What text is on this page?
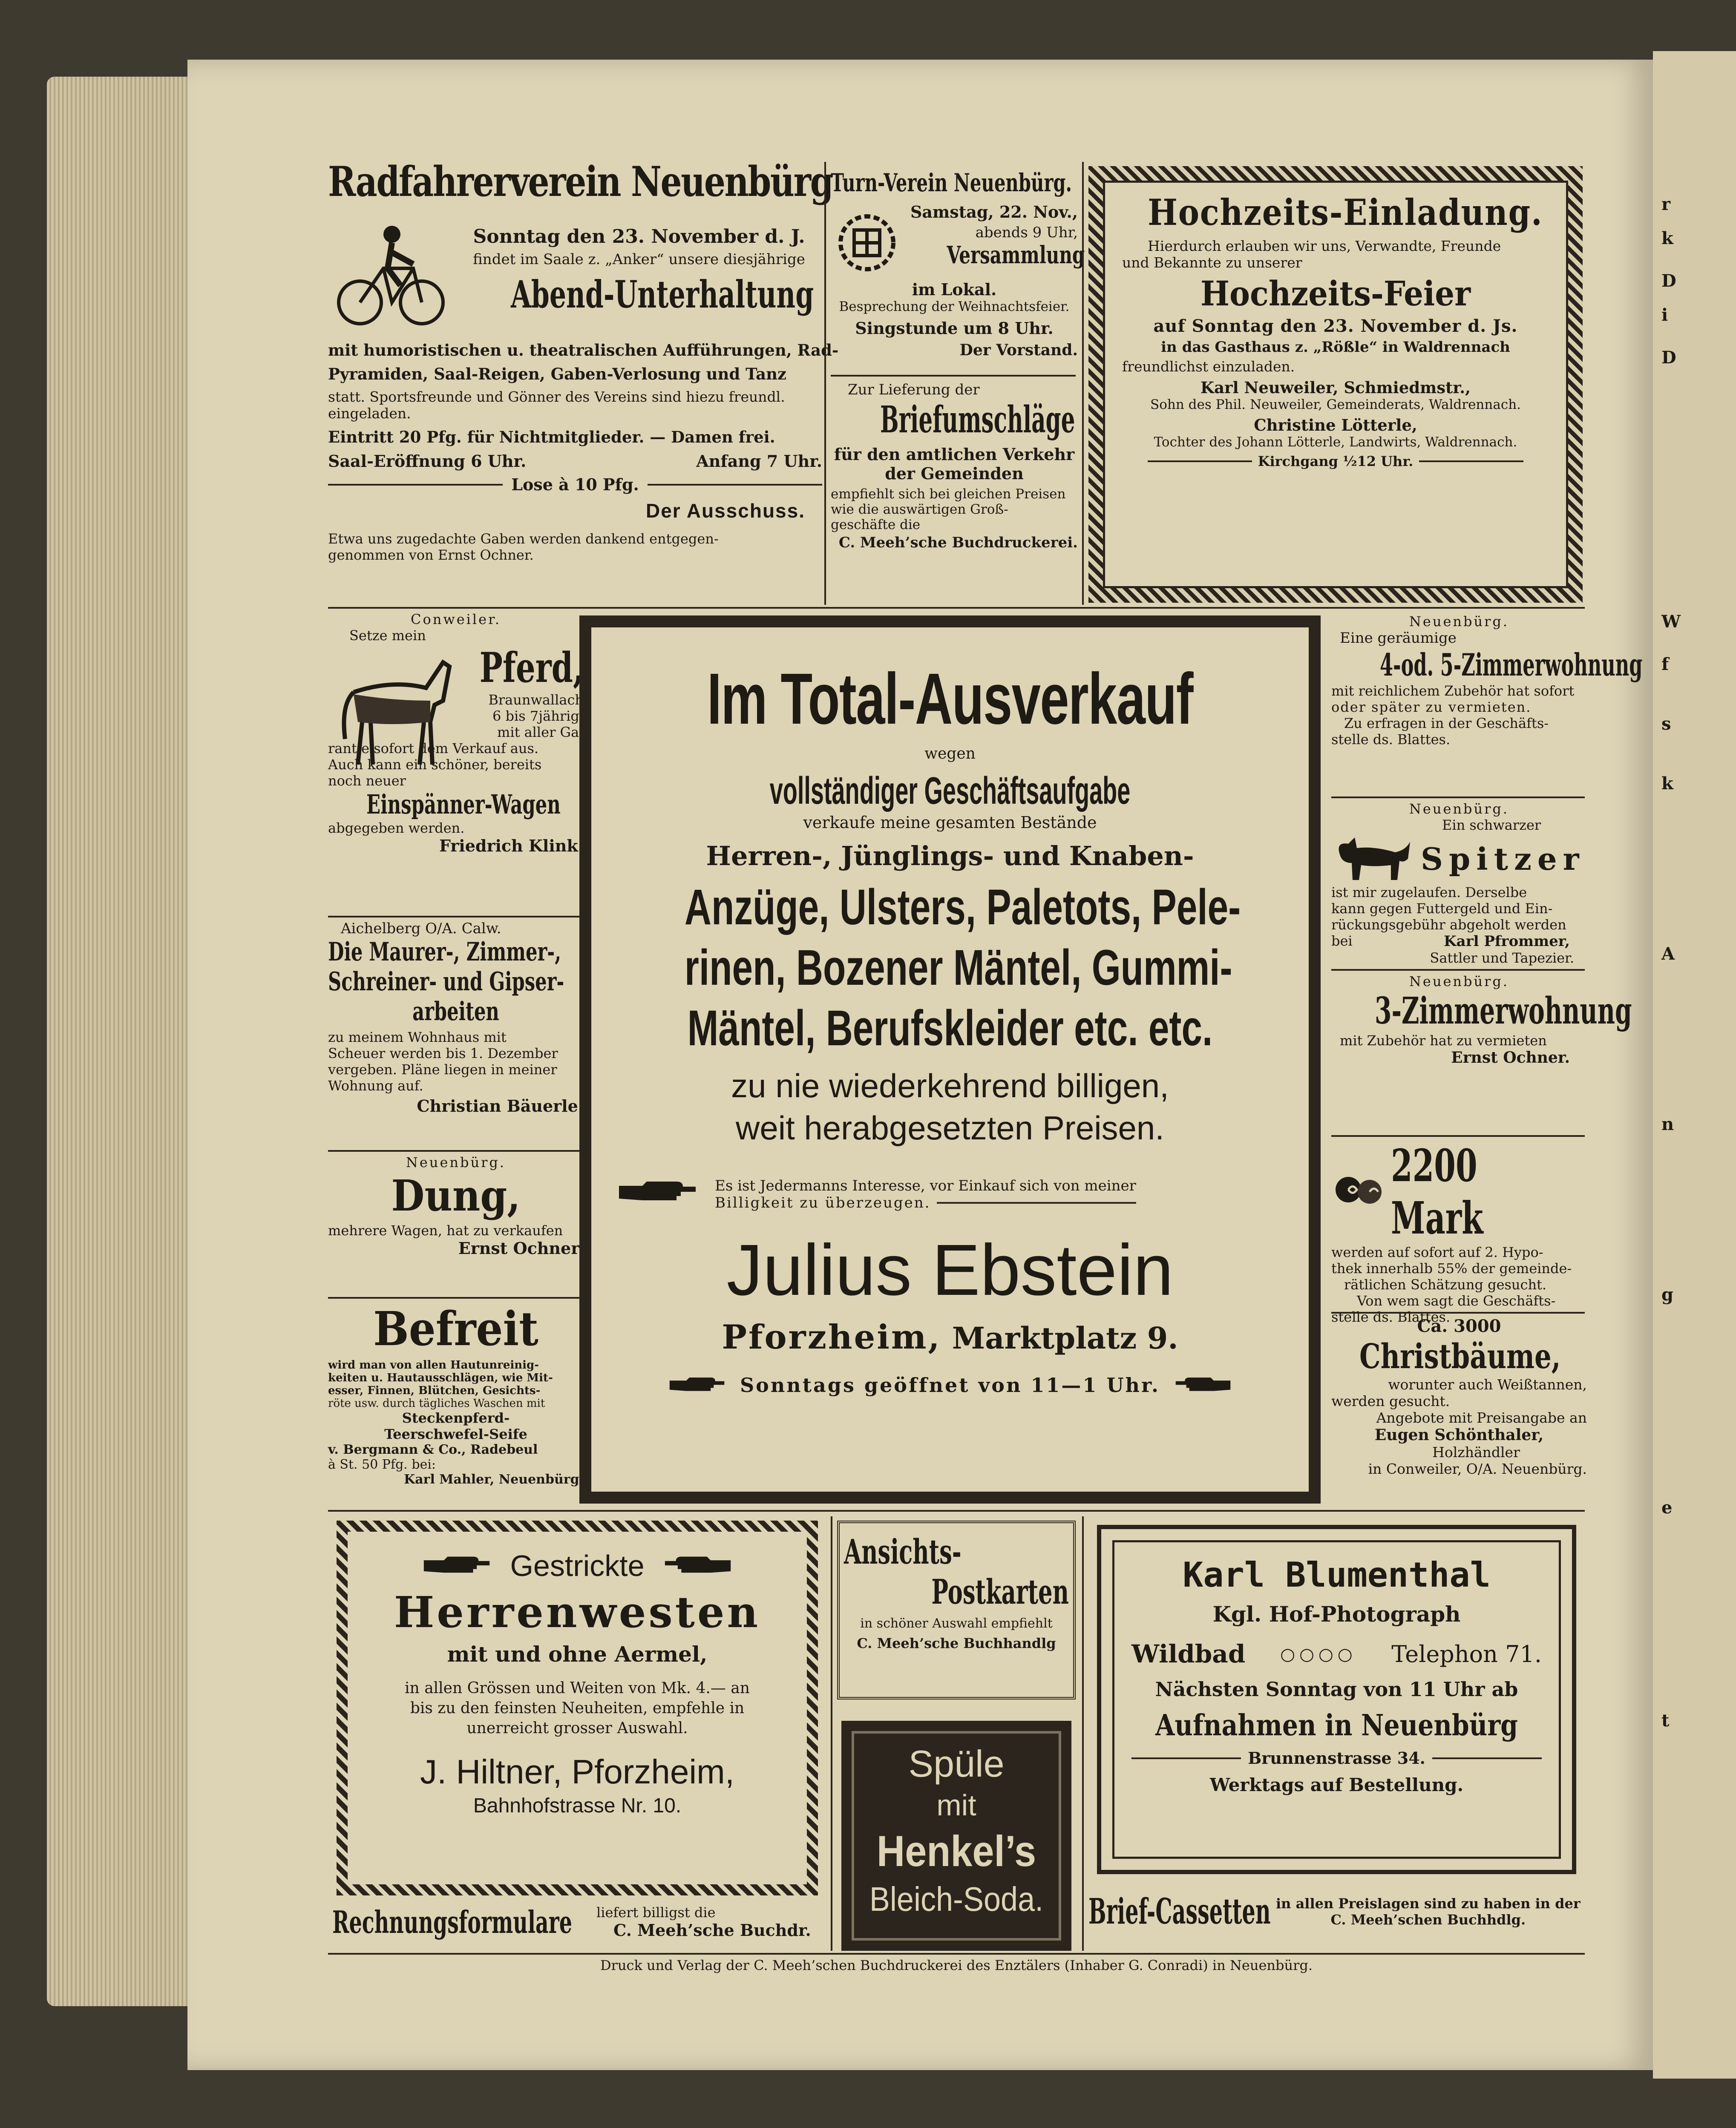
r
k
D
i
D
W
f
s
k
A
n
g
e
t
Radfahrerverein Neuenbürg
Sonntag den 23. November d. J.
findet im Saale z. „Anker“ unsere diesjährige
Abend-Unterhaltung
mit humoristischen u. theatralischen Aufführungen, Rad-
Pyramiden, Saal-Reigen, Gaben-Verlosung und Tanz
statt. Sportsfreunde und Gönner des Vereins sind hiezu freundl.
eingeladen.
Eintritt 20 Pfg. für Nichtmitglieder. — Damen frei.
Saal-Eröffnung 6 Uhr.	Anfang 7 Uhr.
Lose à 10 Pfg.
Der Ausschuss.
Etwa uns zugedachte Gaben werden dankend entgegen-
genommen von Ernst Ochner.
Turn-Verein Neuenbürg.
Samstag, 22. Nov.,
abends 9 Uhr,
Versammlung
im Lokal.
Besprechung der Weihnachtsfeier.
Singstunde um 8 Uhr.
Der Vorstand.
Zur Lieferung der
Briefumschläge
für den amtlichen Verkehr
der Gemeinden
empfiehlt sich bei gleichen Preisen
wie die auswärtigen Groß-
geschäfte die
C. Meeh’sche Buchdruckerei.
Hochzeits-Einladung.
Hierdurch erlauben wir uns, Verwandte, Freunde
und Bekannte zu unserer
Hochzeits-Feier
auf Sonntag den 23. November d. Js.
in das Gasthaus z. „Rößle“ in Waldrennach
freundlichst einzuladen.
Karl Neuweiler, Schmiedmstr.,
Sohn des Phil. Neuweiler, Gemeinderats, Waldrennach.
Christine Lötterle,
Tochter des Johann Lötterle, Landwirts, Waldrennach.
Kirchgang ½12 Uhr.
Conweiler.
Setze mein
Pferd,
Braunwallach
6 bis 7jährig,
mit aller Ga-
rantie sofort dem Verkauf aus.
Auch kann ein schöner, bereits
noch neuer
Einspänner-Wagen
abgegeben werden.
Friedrich Klink.
Aichelberg O/A. Calw.
Die Maurer-, Zimmer-,
Schreiner- und Gipser-
arbeiten
zu meinem Wohnhaus mit
Scheuer werden bis 1. Dezember
vergeben. Pläne liegen in meiner
Wohnung auf.
Christian Bäuerle.
Neuenbürg.
Dung,
mehrere Wagen, hat zu verkaufen
Ernst Ochner.
Befreit
wird man von allen Hautunreinig-
keiten u. Hautausschlägen, wie Mit-
esser, Finnen, Blütchen, Gesichts-
röte usw. durch tägliches Waschen mit
Steckenpferd-
Teerschwefel-Seife
v. Bergmann & Co., Radebeul
à St. 50 Pfg. bei:
Karl Mahler, Neuenbürg.
Im Total-Ausverkauf
wegen
vollständiger Geschäftsaufgabe
verkaufe meine gesamten Bestände
Herren-, Jünglings- und Knaben-
Anzüge, Ulsters, Paletots, Pele-
rinen, Bozener Mäntel, Gummi-
Mäntel, Berufskleider etc. etc.
zu nie wiederkehrend billigen,
weit herabgesetzten Preisen.
Es ist Jedermanns Interesse, vor Einkauf sich von meiner
Billigkeit zu überzeugen.
Julius Ebstein
Pforzheim, Marktplatz 9.
Sonntags geöffnet von 11—1 Uhr.
Neuenbürg.
Eine geräumige
4-od. 5-Zimmerwohnung
mit reichlichem Zubehör hat sofort
oder später zu vermieten.
Zu erfragen in der Geschäfts-
stelle ds. Blattes.
Neuenbürg.
Ein schwarzer
Spitzer
ist mir zugelaufen. Derselbe
kann gegen Futtergeld und Ein-
rückungsgebühr abgeholt werden
bei	Karl Pfrommer,
Sattler und Tapezier.
Neuenbürg.
3-Zimmerwohnung
mit Zubehör hat zu vermieten
Ernst Ochner.
2200 Mark
werden auf sofort auf 2. Hypo-
thek innerhalb 55% der gemeinde-
rätlichen Schätzung gesucht.
Von wem sagt die Geschäfts-
stelle ds. Blattes.
Ca. 3000
Christbäume,
worunter auch Weißtannen,
werden gesucht.
Angebote mit Preisangabe an
Eugen Schönthaler,
Holzhändler
in Conweiler, O/A. Neuenbürg.
Gestrickte
Herrenwesten
mit und ohne Aermel,
in allen Grössen und Weiten von Mk. 4.— an
bis zu den feinsten Neuheiten, empfehle in
unerreicht grosser Auswahl.
J. Hiltner, Pforzheim,
Bahnhofstrasse Nr. 10.
Rechnungsformulare	liefert billigst die
C. Meeh’sche Buchdr.
Ansichts-
Postkarten
in schöner Auswahl empfiehlt
C. Meeh’sche Buchhandlg
Spüle
mit
Henkel’s
Bleich-Soda.
Karl Blumenthal
Kgl. Hof-Photograph
Wildbad ○○○○ Telephon 71.
Nächsten Sonntag von 11 Uhr ab
Aufnahmen in Neuenbürg
Brunnenstrasse 34.
Werktags auf Bestellung.
Brief-Cassetten in allen Preislagen sind zu haben in der
C. Meeh’schen Buchhdlg.
Druck und Verlag der C. Meeh’schen Buchdruckerei des Enztälers (Inhaber G. Conradi) in Neuenbürg.
